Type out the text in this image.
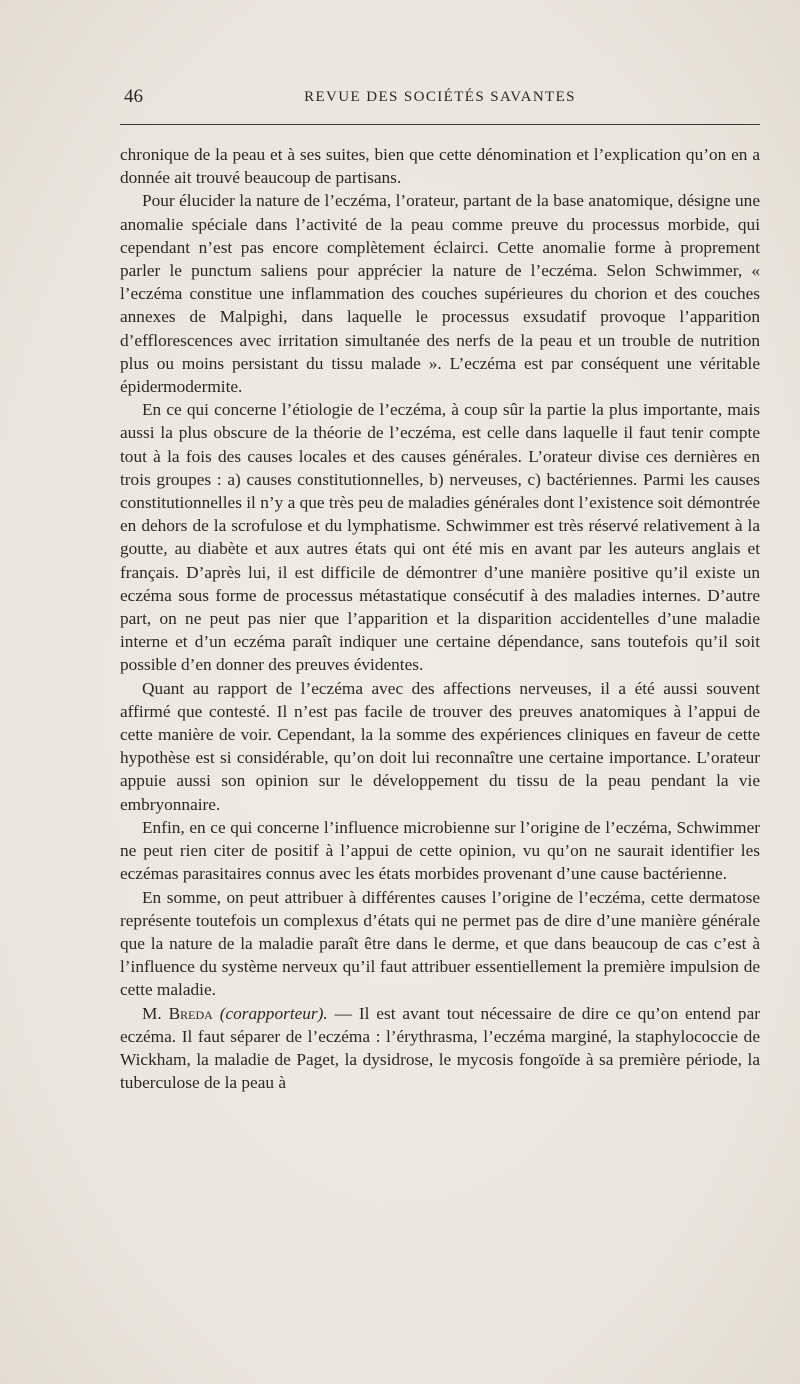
46	REVUE DES SOCIÉTÉS SAVANTES

chronique de la peau et à ses suites, bien que cette dénomination et l’explication qu’on en a donnée ait trouvé beaucoup de partisans.

Pour élucider la nature de l’eczéma, l’orateur, partant de la base anatomique, désigne une anomalie spéciale dans l’activité de la peau comme preuve du processus morbide, qui cependant n’est pas encore complètement éclairci. Cette anomalie forme à proprement parler le punctum saliens pour apprécier la nature de l’eczéma. Selon Schwimmer, « l’eczéma constitue une inflammation des couches supérieures du chorion et des couches annexes de Malpighi, dans laquelle le processus exsudatif provoque l’apparition d’efflorescences avec irritation simultanée des nerfs de la peau et un trouble de nutrition plus ou moins persistant du tissu malade ». L’eczéma est par conséquent une véritable épidermodermite.

En ce qui concerne l’étiologie de l’eczéma, à coup sûr la partie la plus importante, mais aussi la plus obscure de la théorie de l’eczéma, est celle dans laquelle il faut tenir compte tout à la fois des causes locales et des causes générales. L’orateur divise ces dernières en trois groupes : a) causes constitutionnelles, b) nerveuses, c) bactériennes. Parmi les causes constitutionnelles il n’y a que très peu de maladies générales dont l’existence soit démontrée en dehors de la scrofulose et du lymphatisme. Schwimmer est très réservé relativement à la goutte, au diabète et aux autres états qui ont été mis en avant par les auteurs anglais et français. D’après lui, il est difficile de démontrer d’une manière positive qu’il existe un eczéma sous forme de processus métastatique consécutif à des maladies internes. D’autre part, on ne peut pas nier que l’apparition et la disparition accidentelles d’une maladie interne et d’un eczéma paraît indiquer une certaine dépendance, sans toutefois qu’il soit possible d’en donner des preuves évidentes.

Quant au rapport de l’eczéma avec des affections nerveuses, il a été aussi souvent affirmé que contesté. Il n’est pas facile de trouver des preuves anatomiques à l’appui de cette manière de voir. Cependant, la la somme des expériences cliniques en faveur de cette hypothèse est si considérable, qu’on doit lui reconnaître une certaine importance. L’orateur appuie aussi son opinion sur le développement du tissu de la peau pendant la vie embryonnaire.

Enfin, en ce qui concerne l’influence microbienne sur l’origine de l’eczéma, Schwimmer ne peut rien citer de positif à l’appui de cette opinion, vu qu’on ne saurait identifier les eczémas parasitaires connus avec les états morbides provenant d’une cause bactérienne.

En somme, on peut attribuer à différentes causes l’origine de l’eczéma, cette dermatose représente toutefois un complexus d’états qui ne permet pas de dire d’une manière générale que la nature de la maladie paraît être dans le derme, et que dans beaucoup de cas c’est à l’influence du système nerveux qu’il faut attribuer essentiellement la première impulsion de cette maladie.

M. Breda (corapporteur). — Il est avant tout nécessaire de dire ce qu’on entend par eczéma. Il faut séparer de l’eczéma : l’érythrasma, l’eczéma marginé, la staphylococcie de Wickham, la maladie de Paget, la dysidrose, le mycosis fongoïde à sa première période, la tuberculose de la peau à
